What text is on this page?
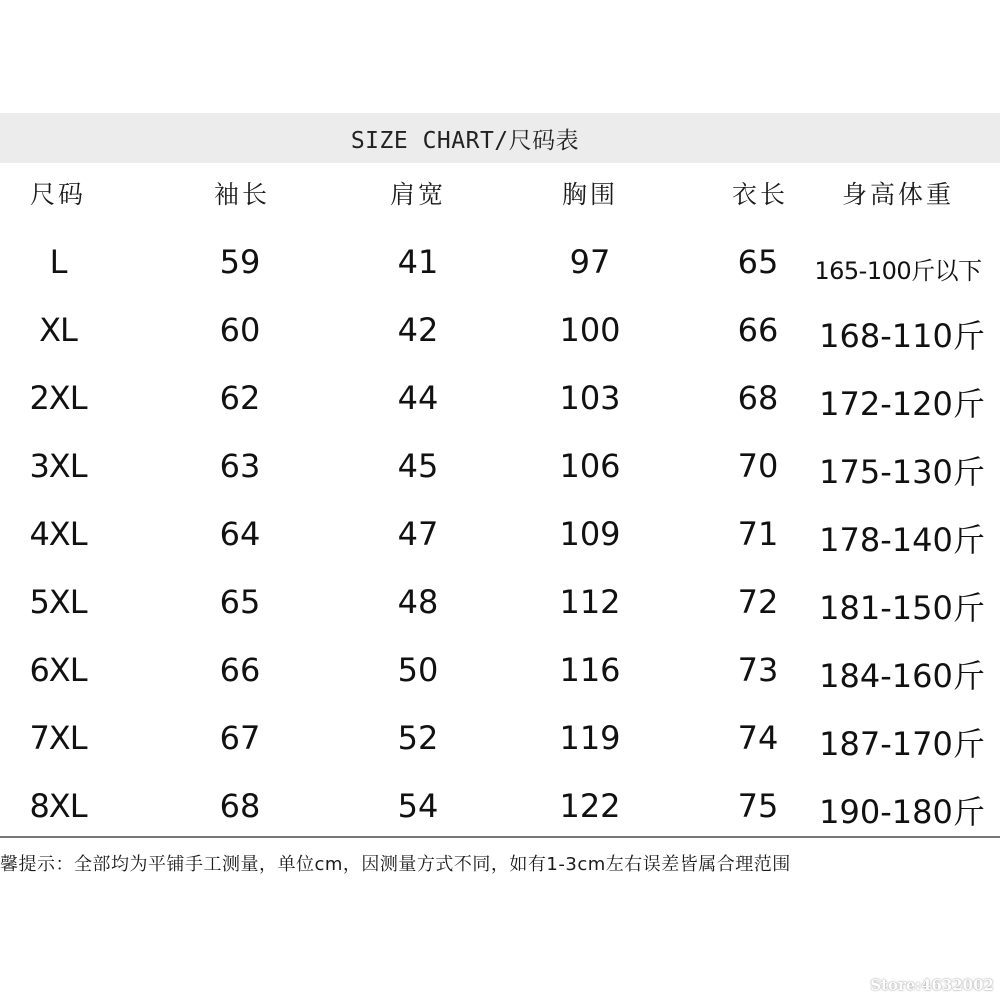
SIZE CHART/尺码表
尺码	袖长	肩宽	胸围	衣长	身高体重
L	59	41	97	65	165-100斤以下
XL	60	42	100	66	168-110斤
2XL	62	44	103	68	172-120斤
3XL	63	45	106	70	175-130斤
4XL	64	47	109	71	178-140斤
5XL	65	48	112	72	181-150斤
6XL	66	50	116	73	184-160斤
7XL	67	52	119	74	187-170斤
8XL	68	54	122	75	190-180斤
馨提示：全部均为平铺手工测量，单位cm，因测量方式不同，如有1-3cm左右误差皆属合理范围
Store:4632002
